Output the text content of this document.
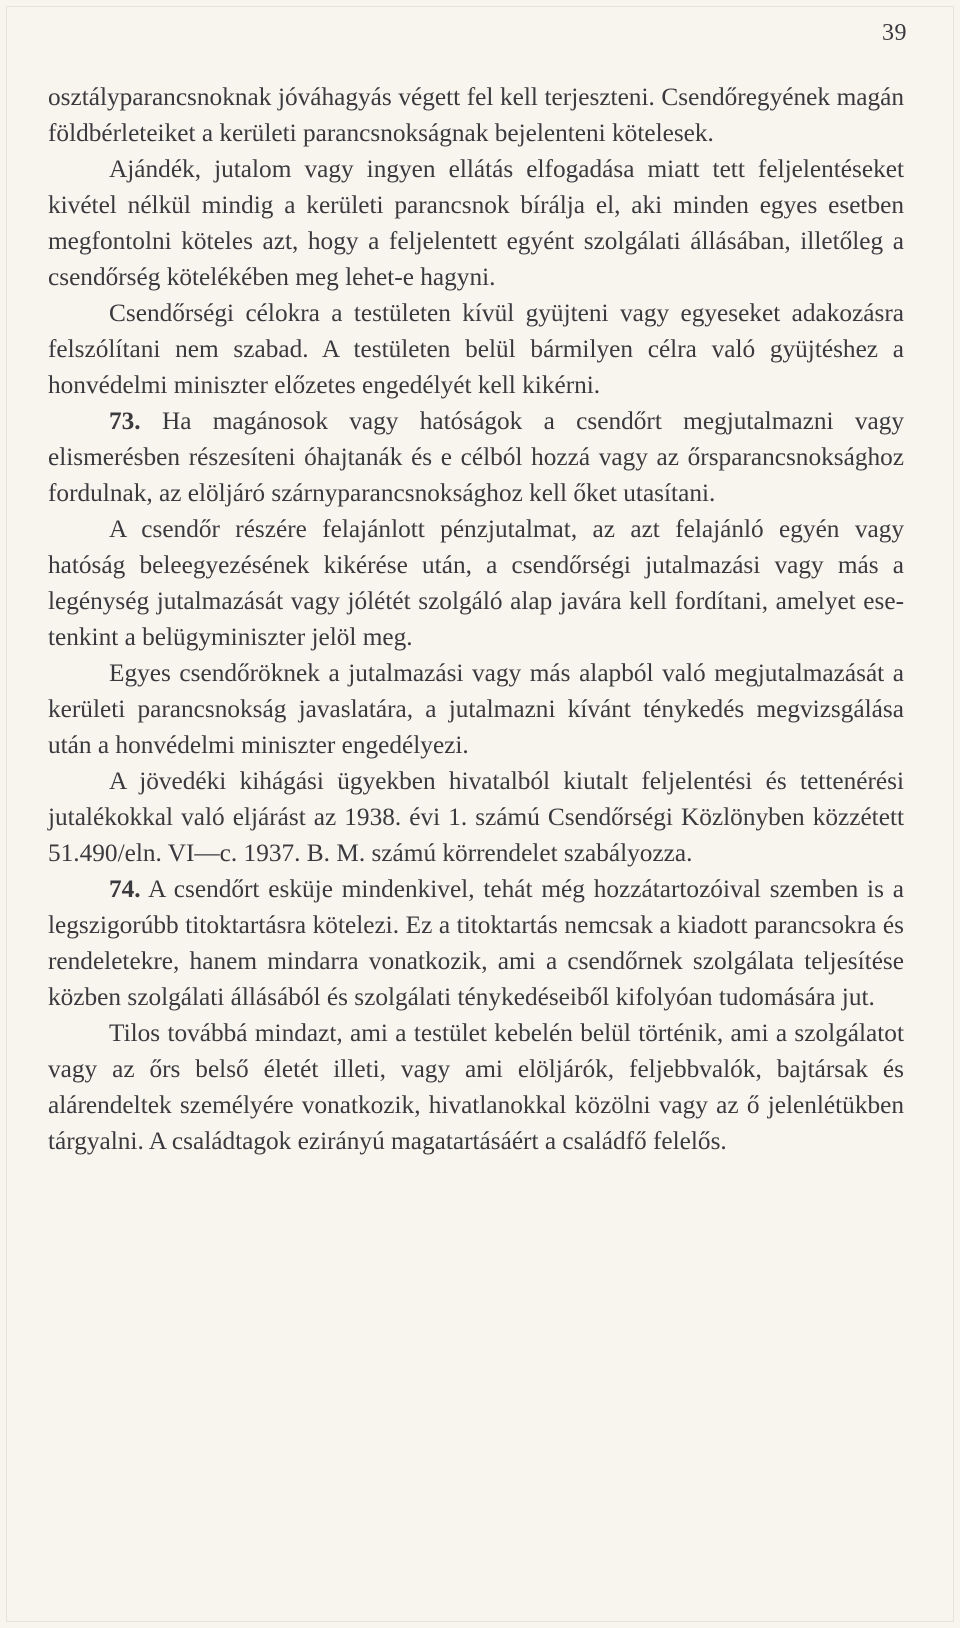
39

osztályparancsnoknak jóváhagyás végett fel kell terjeszteni. Csendőregyének magán földbérleteiket a kerületi parancsnokságnak bejelenteni kötelesek.

Ajándék, jutalom vagy ingyen ellátás elfogadása miatt tett feljelentéseket kivétel nélkül mindig a kerületi parancsnok bírálja el, aki minden egyes esetben megfontolni köteles azt, hogy a feljelentett egyént szolgálati állásában, illetőleg a csendőrség kötelékében meg lehet-e hagyni.

Csendőrségi célokra a testületen kívül gyüjteni vagy egyeseket adakozásra felszólítani nem szabad. A testületen belül bármilyen célra való gyüjtéshez a honvédelmi miniszter előzetes engedélyét kell kikérni.

73. Ha magánosok vagy hatóságok a csendőrt megjutalmazni vagy elismerésben részesíteni óhajtanák és e célból hozzá vagy az őrsparancsnoksághoz fordulnak, az elöljáró szárnyparancsnoksághoz kell őket utasítani.

A csendőr részére felajánlott pénzjutalmat, az azt felajánló egyén vagy hatóság beleegyezésének kikérése után, a csendőrségi jutalmazási vagy más a legénység jutalmazását vagy jólétét szolgáló alap javára kell fordítani, amelyet esetenkint a belügyminiszter jelöl meg.

Egyes csendőröknek a jutalmazási vagy más alapból való megjutalmazását a kerületi parancsnokság javaslatára, a jutalmazni kívánt ténykedés megvizsgálása után a honvédelmi miniszter engedélyezi.

A jövedéki kihágási ügyekben hivatalból kiutalt feljelentési és tettenérési jutalékokkal való eljárást az 1938. évi 1. számú Csendőrségi Közlönyben közzétett 51.490/eln. VI—c. 1937. B. M. számú körrendelet szabályozza.

74. A csendőrt esküje mindenkivel, tehát még hozzátartozóival szemben is a legszigorúbb titoktartásra kötelezi. Ez a titoktartás nemcsak a kiadott parancsokra és rendeletekre, hanem mindarra vonatkozik, ami a csendőrnek szolgálata teljesítése közben szolgálati állásából és szolgálati ténykedéseiből kifolyóan tudomására jut.

Tilos továbbá mindazt, ami a testület kebelén belül történik, ami a szolgálatot vagy az őrs belső életét illeti, vagy ami elöljárók, feljebbvalók, bajtársak és alárendeltek személyére vonatkozik, hivatlanokkal közölni vagy az ő jelenlétükben tárgyalni. A családtagok ezirányú magatartásáért a családfő felelős.
